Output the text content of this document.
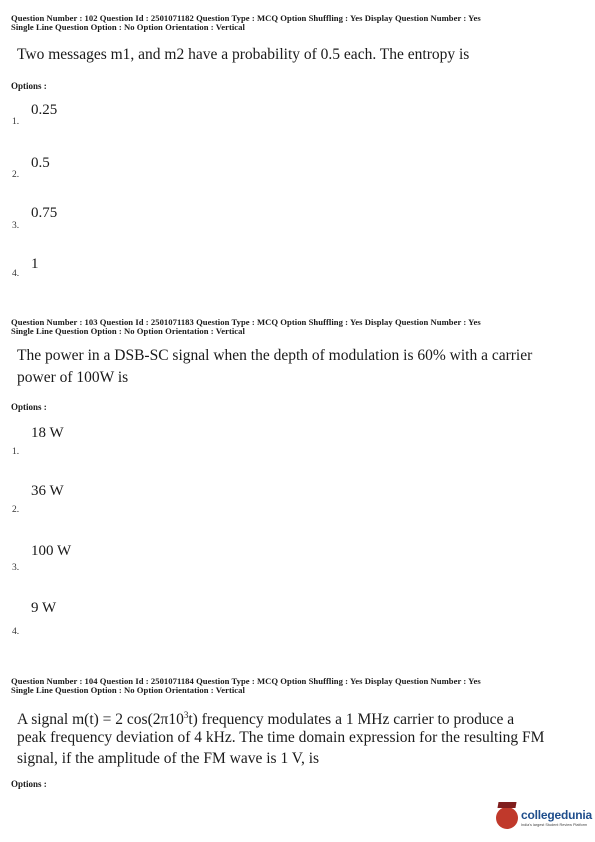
Question Number : 102 Question Id : 2501071182 Question Type : MCQ Option Shuffling : Yes Display Question Number : Yes
Single Line Question Option : No Option Orientation : Vertical
Two messages m1, and m2 have a probability of 0.5 each. The entropy is
Options :
0.25
1.
0.5
2.
0.75
3.
1
4.
Question Number : 103 Question Id : 2501071183 Question Type : MCQ Option Shuffling : Yes Display Question Number : Yes
Single Line Question Option : No Option Orientation : Vertical
The power in a DSB-SC signal when the depth of modulation is 60% with a carrier
power of 100W is
Options :
18 W
1.
36 W
2.
100 W
3.
9 W
4.
Question Number : 104 Question Id : 2501071184 Question Type : MCQ Option Shuffling : Yes Display Question Number : Yes
Single Line Question Option : No Option Orientation : Vertical
A signal m(t) = 2 $\cos(2\pi 10^3t)$ frequency modulates a 1 MHz carrier to produce a
peak frequency deviation of 4 kHz. The time domain expression for the resulting FM
signal, if the amplitude of the FM wave is 1 V, is
Options :
collegedunia
India's largest Student Review Platform
